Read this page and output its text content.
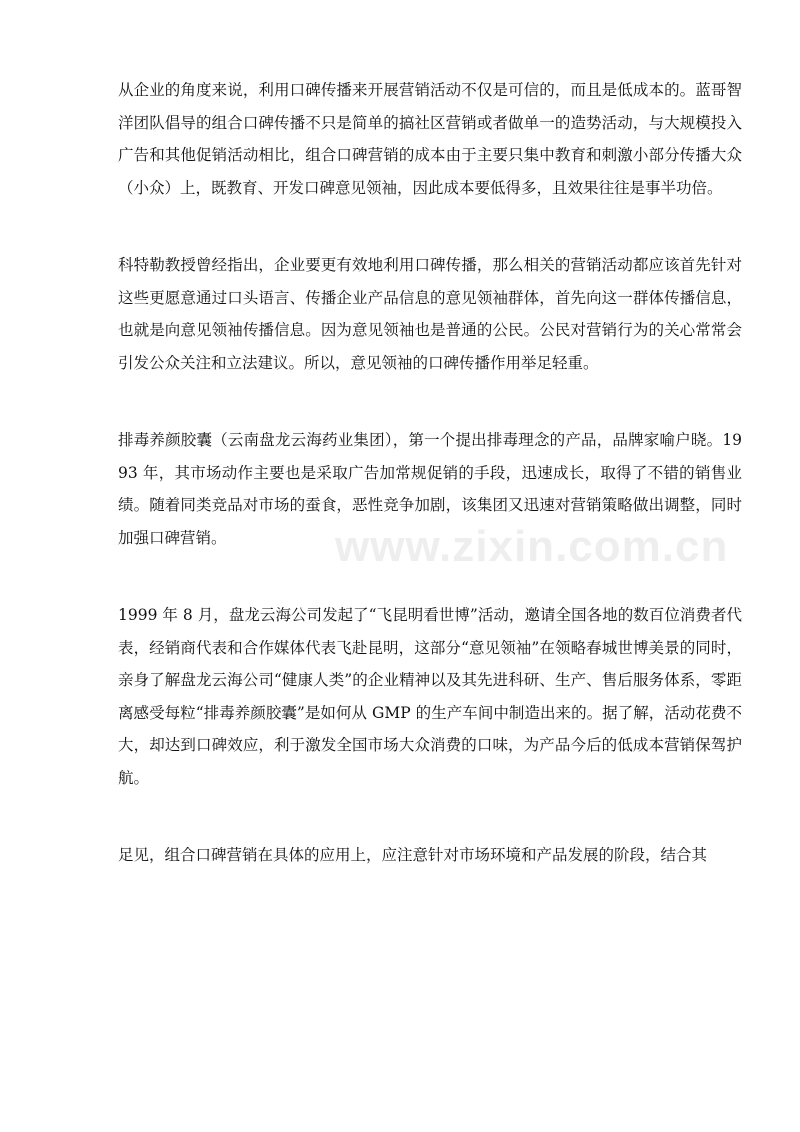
从企业的角度来说，利用口碑传播来开展营销活动不仅是可信的，而且是低成本的。蓝哥智洋团队倡导的组合口碑传播不只是简单的搞社区营销或者做单一的造势活动，与大规模投入广告和其他促销活动相比，组合口碑营销的成本由于主要只集中教育和刺激小部分传播大众（小众）上，既教育、开发口碑意见领袖，因此成本要低得多，且效果往往是事半功倍。

科特勒教授曾经指出，企业要更有效地利用口碑传播，那么相关的营销活动都应该首先针对这些更愿意通过口头语言、传播企业产品信息的意见领袖群体，首先向这一群体传播信息，也就是向意见领袖传播信息。因为意见领袖也是普通的公民。公民对营销行为的关心常常会引发公众关注和立法建议。所以，意见领袖的口碑传播作用举足轻重。

排毒养颜胶囊（云南盘龙云海药业集团），第一个提出排毒理念的产品，品牌家喻户晓。1993 年，其市场动作主要也是采取广告加常规促销的手段，迅速成长，取得了不错的销售业绩。随着同类竞品对市场的蚕食，恶性竞争加剧，该集团又迅速对营销策略做出调整，同时加强口碑营销。

1999 年 8 月，盘龙云海公司发起了“飞昆明看世博”活动，邀请全国各地的数百位消费者代表，经销商代表和合作媒体代表飞赴昆明，这部分“意见领袖”在领略春城世博美景的同时，亲身了解盘龙云海公司“健康人类”的企业精神以及其先进科研、生产、售后服务体系，零距离感受每粒“排毒养颜胶囊”是如何从 GMP 的生产车间中制造出来的。据了解，活动花费不大，却达到口碑效应，利于激发全国市场大众消费的口味，为产品今后的低成本营销保驾护航。

足见，组合口碑营销在具体的应用上，应注意针对市场环境和产品发展的阶段，结合其

www.zixin.com.cn
